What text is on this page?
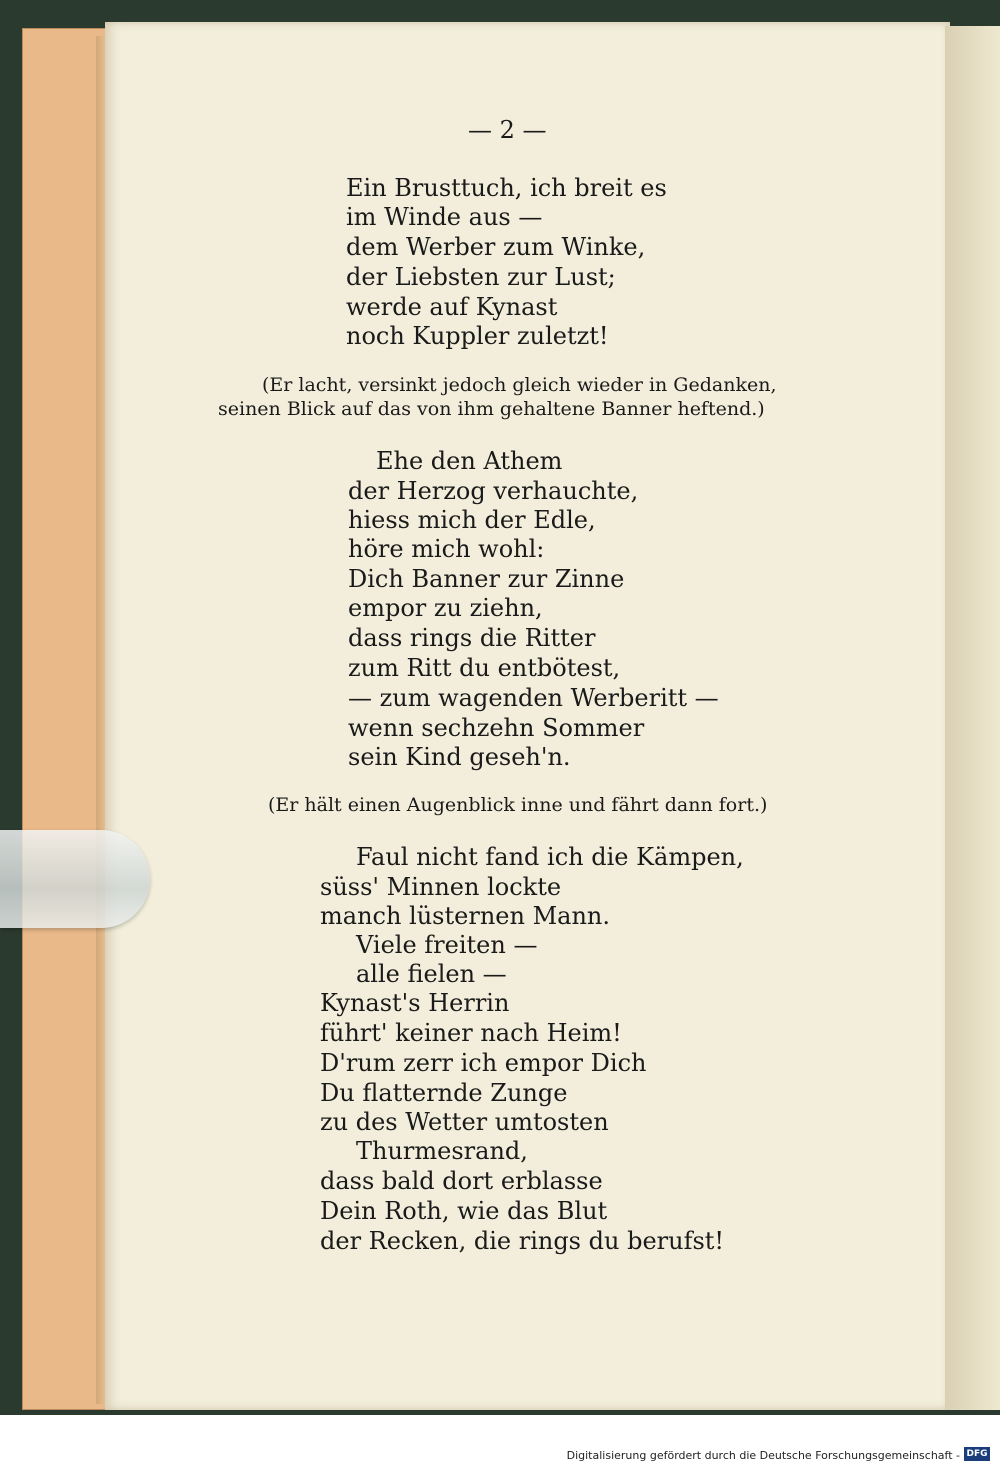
— 2 —
Ein Brusttuch, ich breit es
im Winde aus —
dem Werber zum Winke,
der Liebsten zur Lust;
werde auf Kynast
noch Kuppler zuletzt!
(Er lacht, versinkt jedoch gleich wieder in Gedanken,
seinen Blick auf das von ihm gehaltene Banner heftend.)
Ehe den Athem
der Herzog verhauchte,
hiess mich der Edle,
höre mich wohl:
Dich Banner zur Zinne
empor zu ziehn,
dass rings die Ritter
zum Ritt du entbötest,
— zum wagenden Werberitt —
wenn sechzehn Sommer
sein Kind geseh'n.
(Er hält einen Augenblick inne und fährt dann fort.)
Faul nicht fand ich die Kämpen,
süss' Minnen lockte
manch lüsternen Mann.
Viele freiten —
alle fielen —
Kynast's Herrin
führt' keiner nach Heim!
D'rum zerr ich empor Dich
Du flatternde Zunge
zu des Wetter umtosten
Thurmesrand,
dass bald dort erblasse
Dein Roth, wie das Blut
der Recken, die rings du berufst!
Digitalisierung gefördert durch die Deutsche Forschungsgemeinschaft - DFG
